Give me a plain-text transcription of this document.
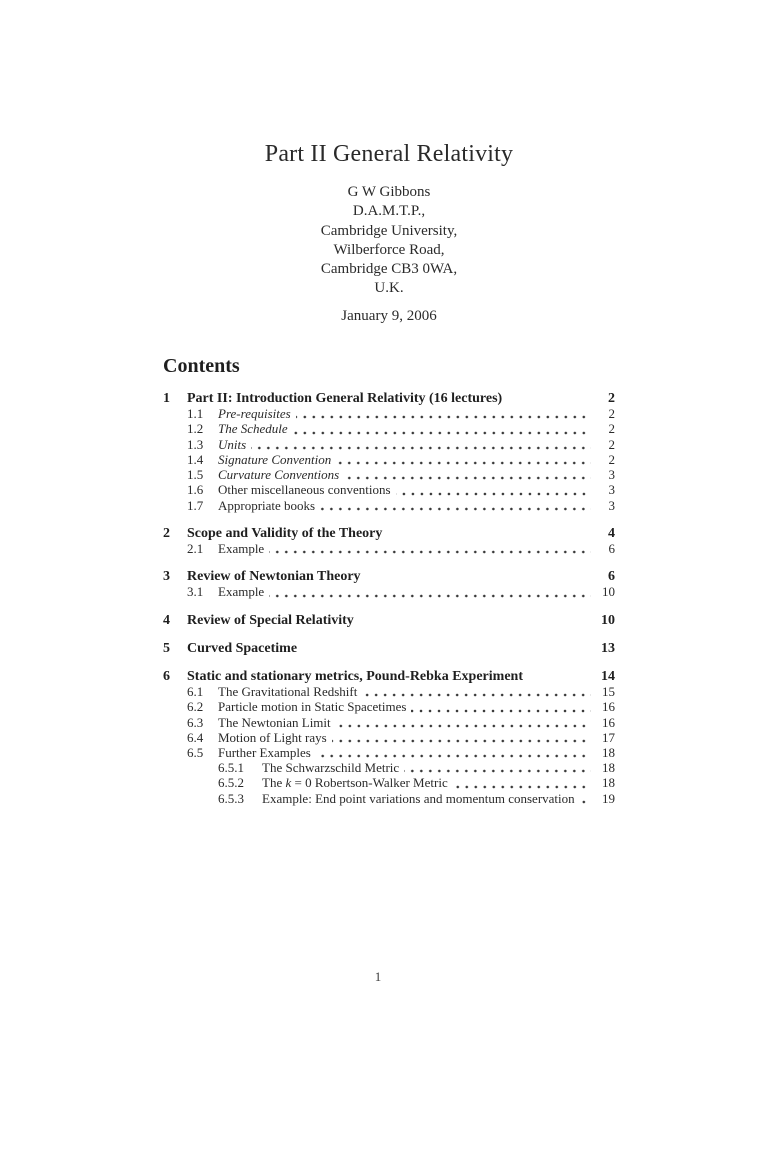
Part II General Relativity
G W Gibbons
D.A.M.T.P.,
Cambridge University,
Wilberforce Road,
Cambridge CB3 0WA,
U.K.
January 9, 2006
Contents
1	Part II: Introduction General Relativity (16 lectures)	2
1.1	Pre-requisites	2
1.2	The Schedule	2
1.3	Units	2
1.4	Signature Convention	2
1.5	Curvature Conventions	3
1.6	Other miscellaneous conventions	3
1.7	Appropriate books	3
2	Scope and Validity of the Theory	4
2.1	Example	6
3	Review of Newtonian Theory	6
3.1	Example	10
4	Review of Special Relativity	10
5	Curved Spacetime	13
6	Static and stationary metrics, Pound-Rebka Experiment	14
6.1	The Gravitational Redshift	15
6.2	Particle motion in Static Spacetimes	16
6.3	The Newtonian Limit	16
6.4	Motion of Light rays	17
6.5	Further Examples	18
6.5.1	The Schwarzschild Metric	18
6.5.2	The k = 0 Robertson-Walker Metric	18
6.5.3	Example: End point variations and momentum conservation	19
1
